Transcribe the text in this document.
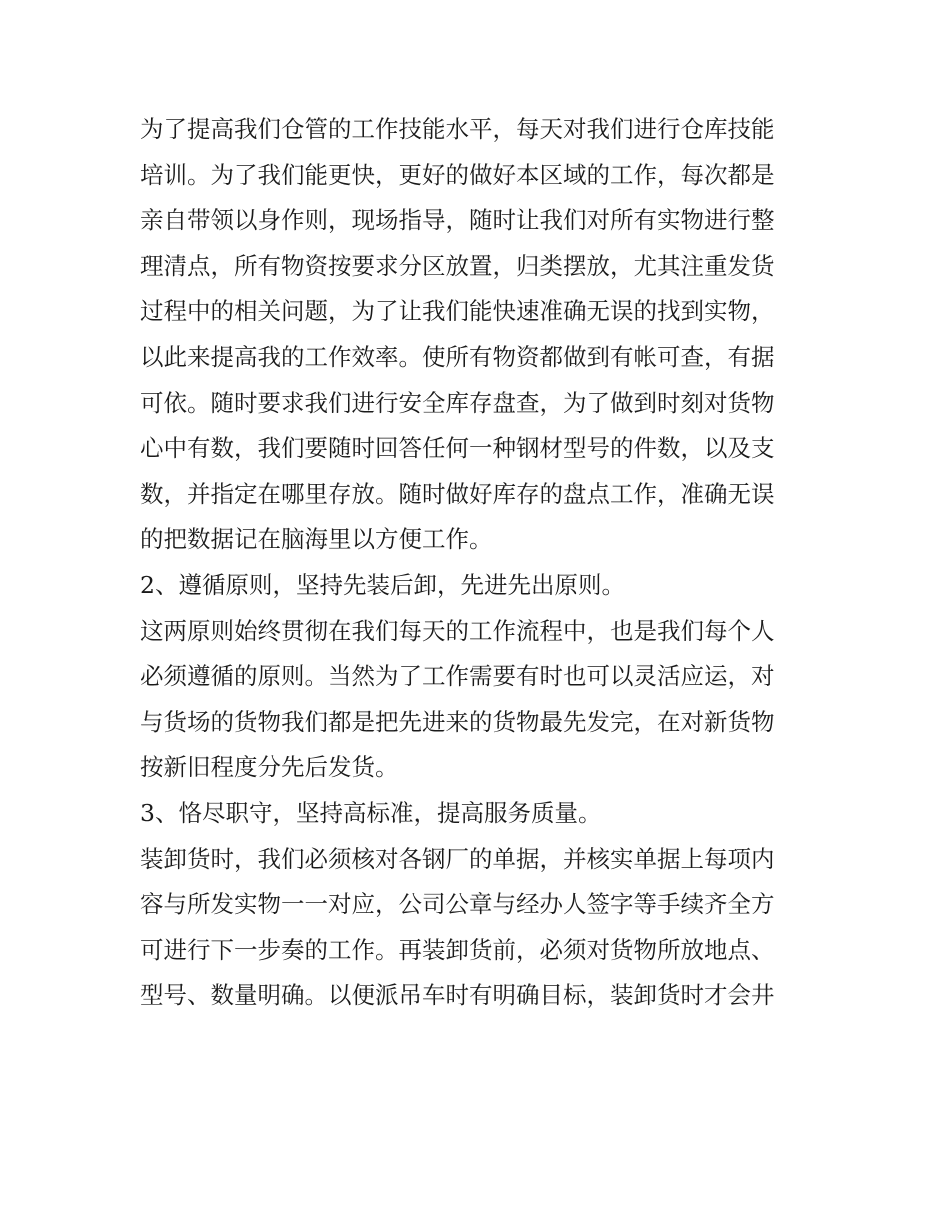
为了提高我们仓管的工作技能水平，每天对我们进行仓库技能
培训。为了我们能更快，更好的做好本区域的工作，每次都是
亲自带领以身作则，现场指导，随时让我们对所有实物进行整
理清点，所有物资按要求分区放置，归类摆放，尤其注重发货
过程中的相关问题，为了让我们能快速准确无误的找到实物，
以此来提高我的工作效率。使所有物资都做到有帐可查，有据
可依。随时要求我们进行安全库存盘查，为了做到时刻对货物
心中有数，我们要随时回答任何一种钢材型号的件数，以及支
数，并指定在哪里存放。随时做好库存的盘点工作，准确无误
的把数据记在脑海里以方便工作。

2、遵循原则，坚持先装后卸，先进先出原则。

这两原则始终贯彻在我们每天的工作流程中，也是我们每个人
必须遵循的原则。当然为了工作需要有时也可以灵活应运，对
与货场的货物我们都是把先进来的货物最先发完，在对新货物
按新旧程度分先后发货。

3、恪尽职守，坚持高标准，提高服务质量。

装卸货时，我们必须核对各钢厂的单据，并核实单据上每项内
容与所发实物一一对应，公司公章与经办人签字等手续齐全方
可进行下一步奏的工作。再装卸货前，必须对货物所放地点、
型号、数量明确。以便派吊车时有明确目标，装卸货时才会井
